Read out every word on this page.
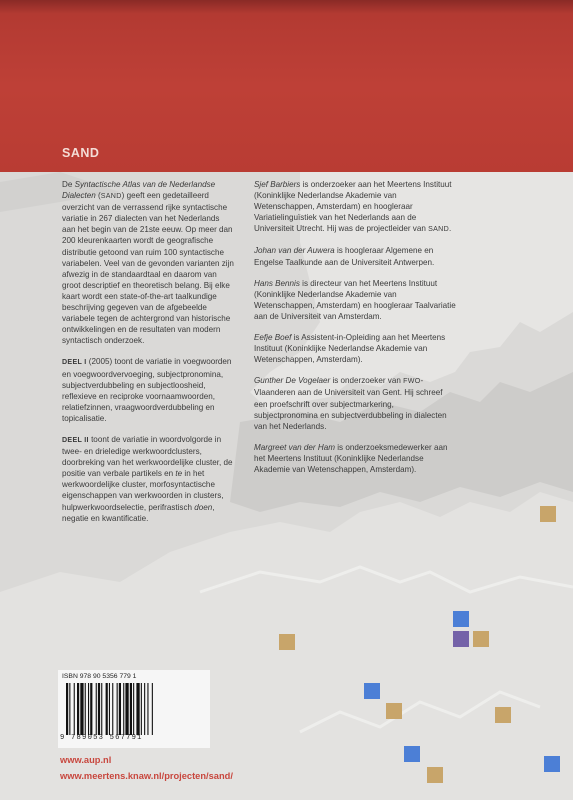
SAND

De Syntactische Atlas van de Nederlandse Dialecten (SAND) geeft een gedetailleerd overzicht van de verrassend rijke syntactische variatie in 267 dialecten van het Nederlands aan het begin van de 21ste eeuw. Op meer dan 200 kleurenkaarten wordt de geografische distributie getoond van ruim 100 syntactische variabelen. Veel van de gevonden varianten zijn afwezig in de standaardtaal en daarom van groot descriptief en theoretisch belang. Bij elke kaart wordt een state-of-the-art taalkundige beschrijving gegeven van de afgebeelde variabele tegen de achtergrond van historische ontwikkelingen en de resultaten van modern syntactisch onderzoek.

DEEL I (2005) toont de variatie in voegwoorden en voegwoordvervoeging, subjectpronomina, subjectverdubbeling en subjectloosheid, reflexieve en reciproke voornaamwoorden, relatiefzinnen, vraagwoordverdubbeling en topicalisatie.

DEEL II toont de variatie in woordvolgorde in twee- en drieledige werkwoordclusters, doorbreking van het werkwoordelijke cluster, de positie van verbale partikels en te in het werkwoordelijke cluster, morfosyntactische eigenschappen van werkwoorden in clusters, hulpwerkwoordselectie, perifrastisch doen, negatie en kwantificatie.

Sjef Barbiers is onderzoeker aan het Meertens Instituut (Koninklijke Nederlandse Akademie van Wetenschappen, Amsterdam) en hoogleraar Variatielinguïstiek van het Nederlands aan de Universiteit Utrecht. Hij was de projectleider van SAND.

Johan van der Auwera is hoogleraar Algemene en Engelse Taalkunde aan de Universiteit Antwerpen.

Hans Bennis is directeur van het Meertens Instituut (Koninklijke Nederlandse Akademie van Wetenschappen, Amsterdam) en hoogleraar Taalvariatie aan de Universiteit van Amsterdam.

Eefje Boef is Assistent-in-Opleiding aan het Meertens Instituut (Koninklijke Nederlandse Akademie van Wetenschappen, Amsterdam).

Gunther De Vogelaer is onderzoeker van FWO-Vlaanderen aan de Universiteit van Gent. Hij schreef een proefschrift over subjectmarkering, subjectpronomina en subjectverdubbeling in dialecten van het Nederlands.

Margreet van der Ham is onderzoeksmedewerker aan het Meertens Instituut (Koninklijke Nederlandse Akademie van Wetenschappen, Amsterdam).

ISBN 978 90 5356 779 1
9 789053 567791
www.aup.nl
www.meertens.knaw.nl/projecten/sand/
